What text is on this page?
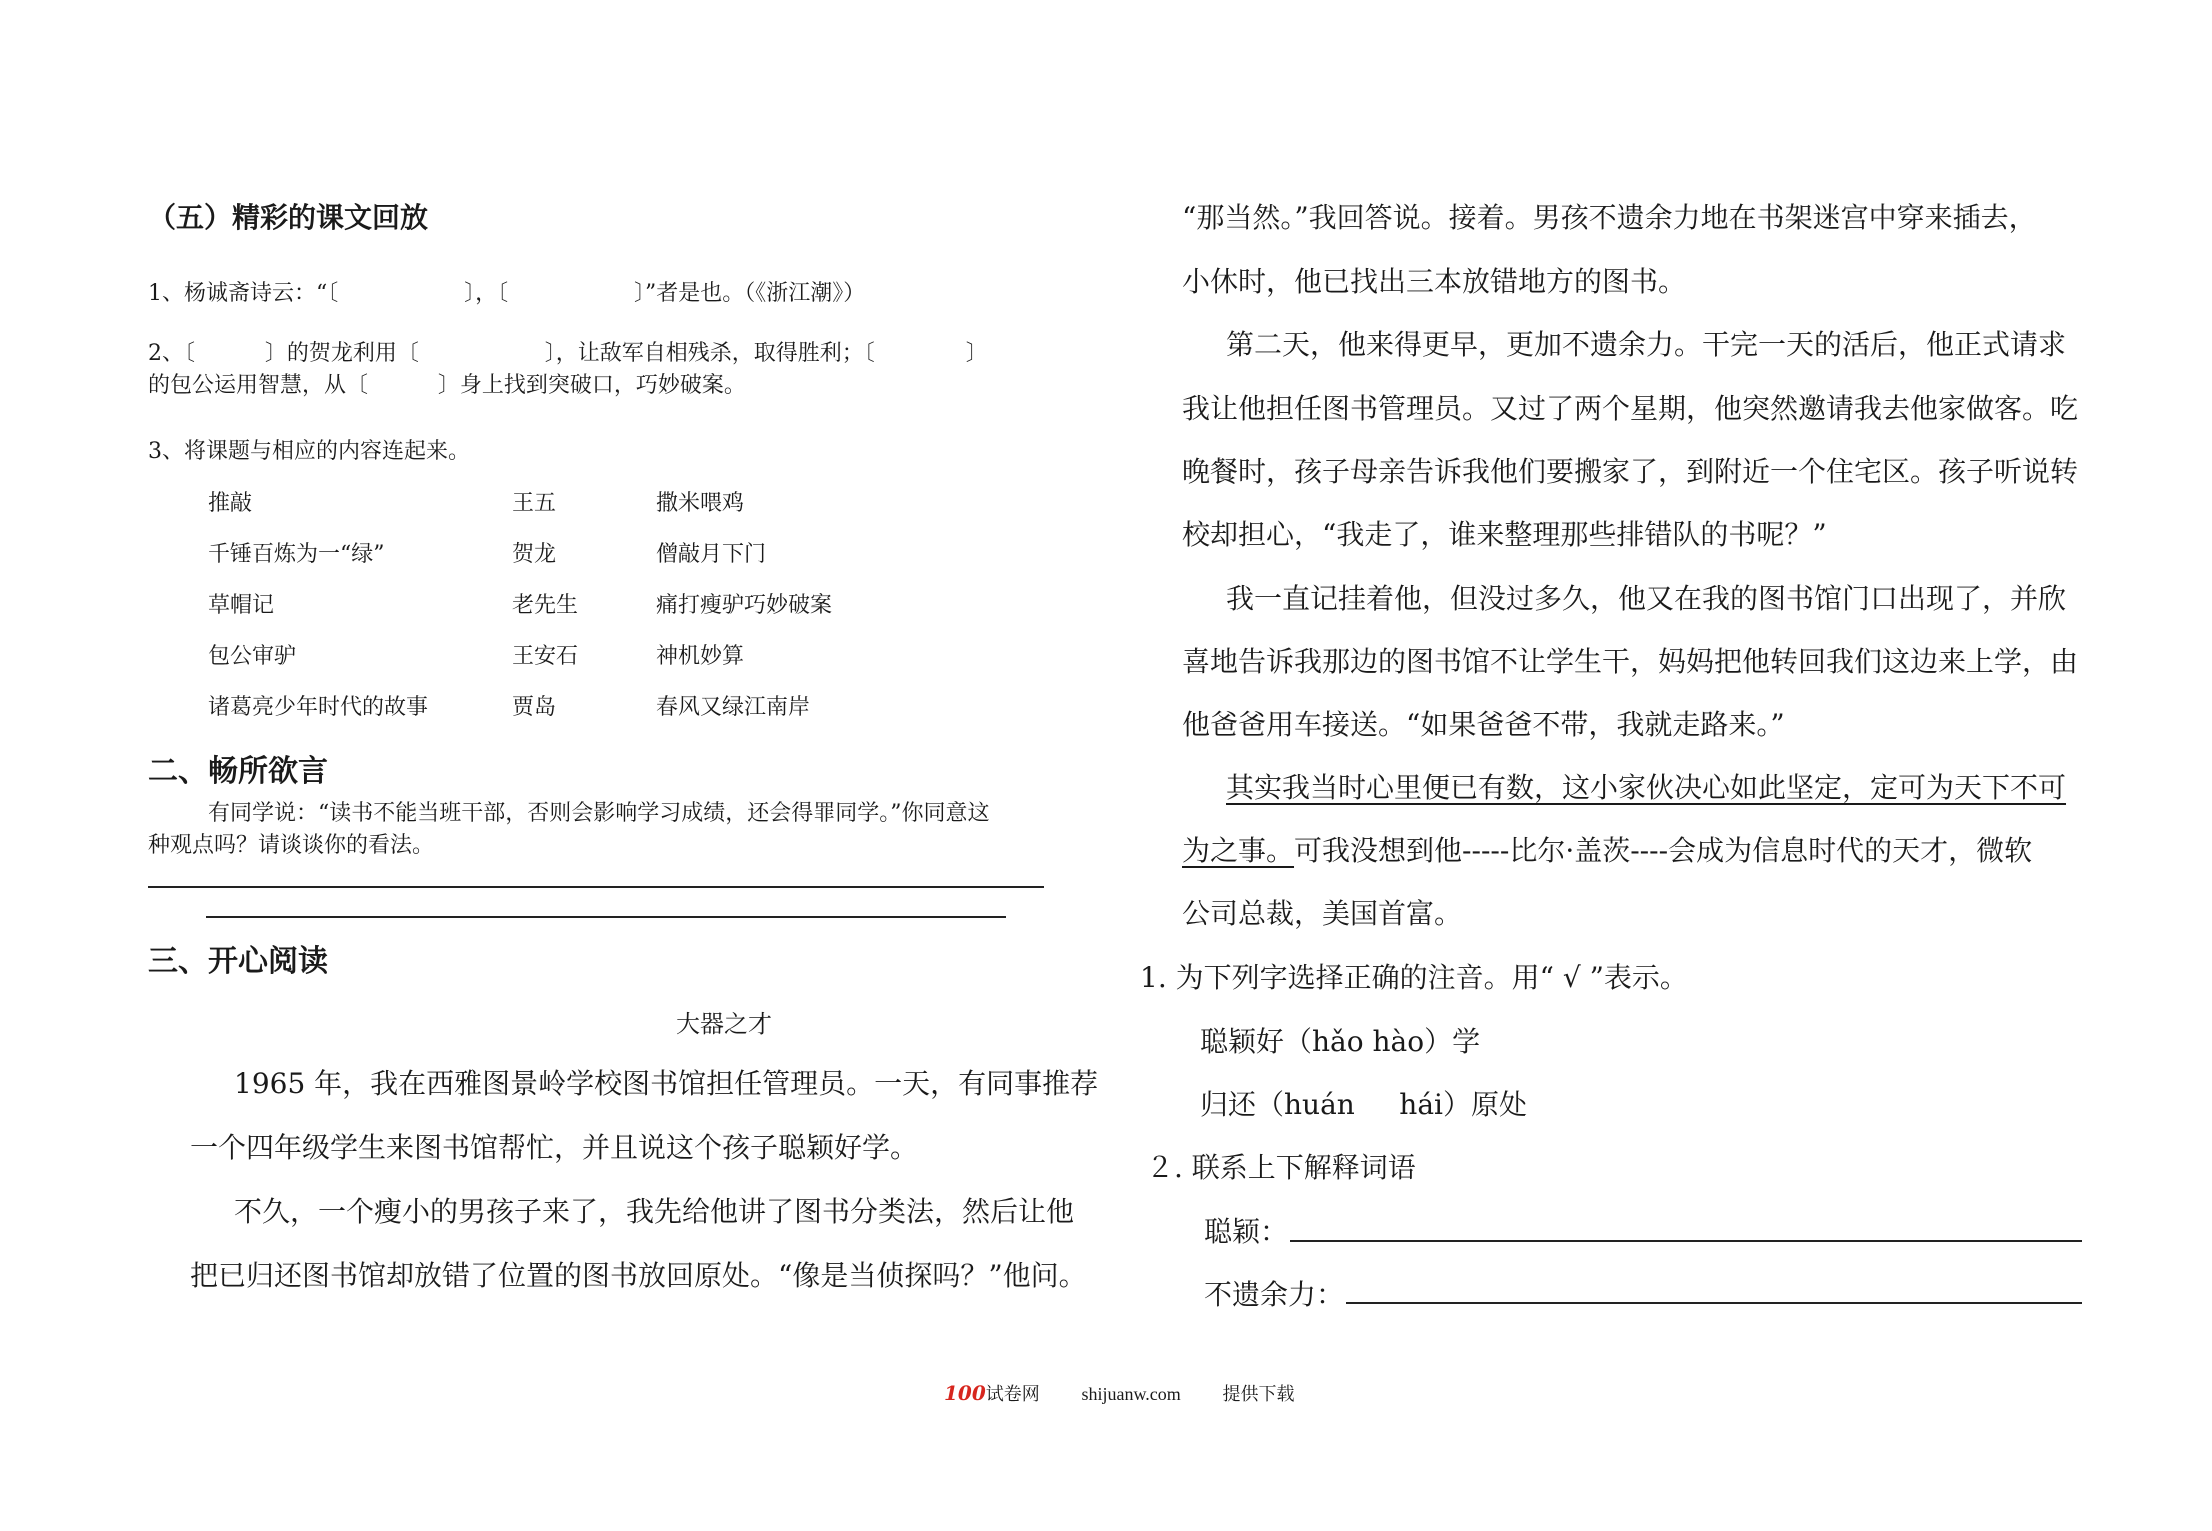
（五）精彩的课文回放
1、杨诚斋诗云：“〔                  〕，〔                  〕”者是也。（《浙江潮》）
2、〔          〕的贺龙利用〔                  〕，让敌军自相残杀，取得胜利；〔             〕
的包公运用智慧，从〔          〕身上找到突破口，巧妙破案。
3、将课题与相应的内容连起来。
推敲
千锤百炼为一“绿”
草帽记
包公审驴
诸葛亮少年时代的故事
王五
贺龙
老先生
王安石
贾岛
撒米喂鸡
僧敲月下门
痛打瘦驴巧妙破案
神机妙算
春风又绿江南岸
二、畅所欲言
有同学说：“读书不能当班干部，否则会影响学习成绩，还会得罪同学。”你同意这
种观点吗？请谈谈你的看法。
三、开心阅读
大器之才
1965 年，我在西雅图景岭学校图书馆担任管理员。一天，有同事推荐
一个四年级学生来图书馆帮忙，并且说这个孩子聪颖好学。
不久，一个瘦小的男孩子来了，我先给他讲了图书分类法，然后让他
把已归还图书馆却放错了位置的图书放回原处。“像是当侦探吗？”他问。
“那当然。”我回答说。接着。男孩不遗余力地在书架迷宫中穿来插去，
小休时，他已找出三本放错地方的图书。
第二天，他来得更早，更加不遗余力。干完一天的活后，他正式请求
我让他担任图书管理员。又过了两个星期，他突然邀请我去他家做客。吃
晚餐时，孩子母亲告诉我他们要搬家了，到附近一个住宅区。孩子听说转
校却担心，“我走了，谁来整理那些排错队的书呢？”
我一直记挂着他，但没过多久，他又在我的图书馆门口出现了，并欣
喜地告诉我那边的图书馆不让学生干，妈妈把他转回我们这边来上学，由
他爸爸用车接送。“如果爸爸不带，我就走路来。”
其实我当时心里便已有数，这小家伙决心如此坚定，定可为天下不可
为之事。可我没想到他-----比尔·盖茨----会成为信息时代的天才，微软
公司总裁，美国首富。
1. 为下列字选择正确的注音。用“ √ ”表示。
聪颖好（hǎo hào）学
归还（huán     hái）原处
２. 联系上下解释词语
聪颖：
不遗余力：
100试卷网 shijuanw.com 提供下载
